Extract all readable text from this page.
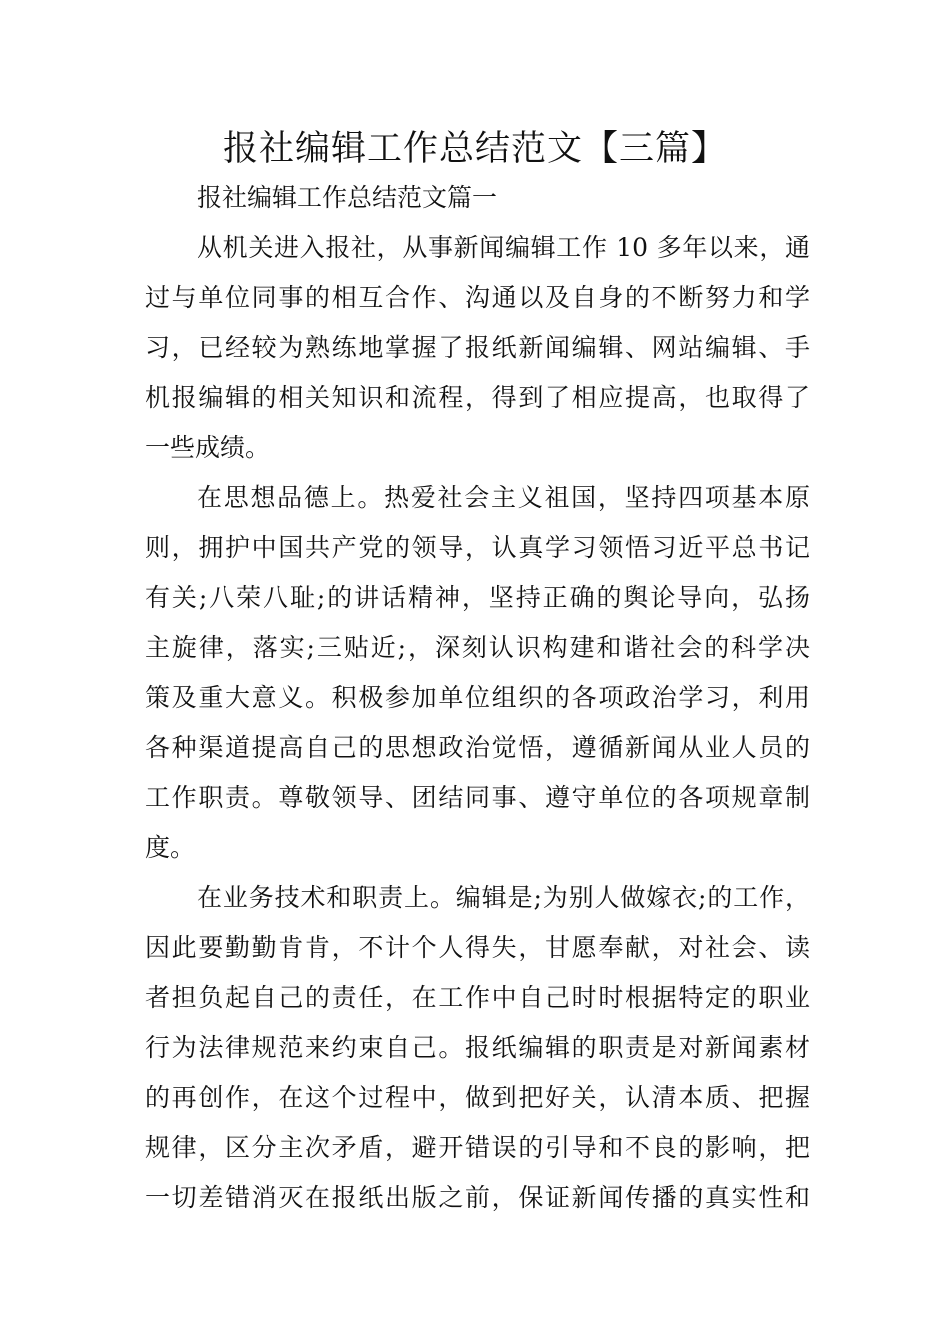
报社编辑工作总结范文【三篇】
报社编辑工作总结范文篇一
从机关进入报社，从事新闻编辑工作 10 多年以来，通
过与单位同事的相互合作、沟通以及自身的不断努力和学
习，已经较为熟练地掌握了报纸新闻编辑、网站编辑、手
机报编辑的相关知识和流程，得到了相应提高，也取得了
一些成绩。
在思想品德上。热爱社会主义祖国，坚持四项基本原
则，拥护中国共产党的领导，认真学习领悟习近平总书记
有关;八荣八耻;的讲话精神，坚持正确的舆论导向，弘扬
主旋律，落实;三贴近;，深刻认识构建和谐社会的科学决
策及重大意义。积极参加单位组织的各项政治学习，利用
各种渠道提高自己的思想政治觉悟，遵循新闻从业人员的
工作职责。尊敬领导、团结同事、遵守单位的各项规章制
度。
在业务技术和职责上。编辑是;为别人做嫁衣;的工作，
因此要勤勤肯肯，不计个人得失，甘愿奉献，对社会、读
者担负起自己的责任，在工作中自己时时根据特定的职业
行为法律规范来约束自己。报纸编辑的职责是对新闻素材
的再创作，在这个过程中，做到把好关，认清本质、把握
规律，区分主次矛盾，避开错误的引导和不良的影响，把
一切差错消灭在报纸出版之前，保证新闻传播的真实性和
